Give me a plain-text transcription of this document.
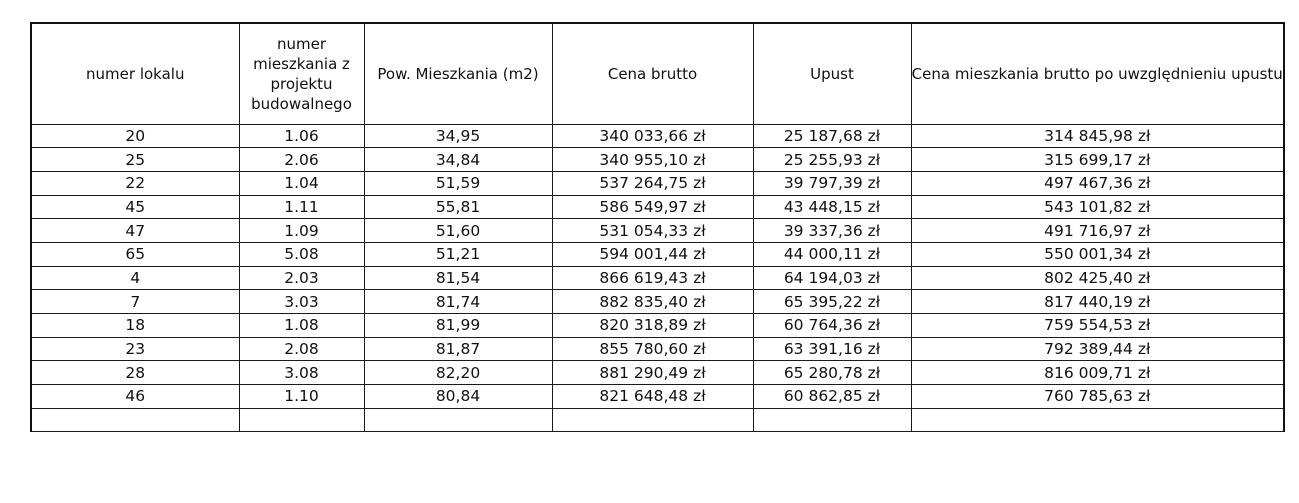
numer lokalu	numer mieszkania z projektu budowalnego	Pow. Mieszkania (m2)	Cena brutto	Upust	Cena mieszkania brutto po uwzględnieniu upustu
20	1.06	34,95	340 033,66 zł	25 187,68 zł	314 845,98 zł
25	2.06	34,84	340 955,10 zł	25 255,93 zł	315 699,17 zł
22	1.04	51,59	537 264,75 zł	39 797,39 zł	497 467,36 zł
45	1.11	55,81	586 549,97 zł	43 448,15 zł	543 101,82 zł
47	1.09	51,60	531 054,33 zł	39 337,36 zł	491 716,97 zł
65	5.08	51,21	594 001,44 zł	44 000,11 zł	550 001,34 zł
4	2.03	81,54	866 619,43 zł	64 194,03 zł	802 425,40 zł
7	3.03	81,74	882 835,40 zł	65 395,22 zł	817 440,19 zł
18	1.08	81,99	820 318,89 zł	60 764,36 zł	759 554,53 zł
23	2.08	81,87	855 780,60 zł	63 391,16 zł	792 389,44 zł
28	3.08	82,20	881 290,49 zł	65 280,78 zł	816 009,71 zł
46	1.10	80,84	821 648,48 zł	60 862,85 zł	760 785,63 zł
